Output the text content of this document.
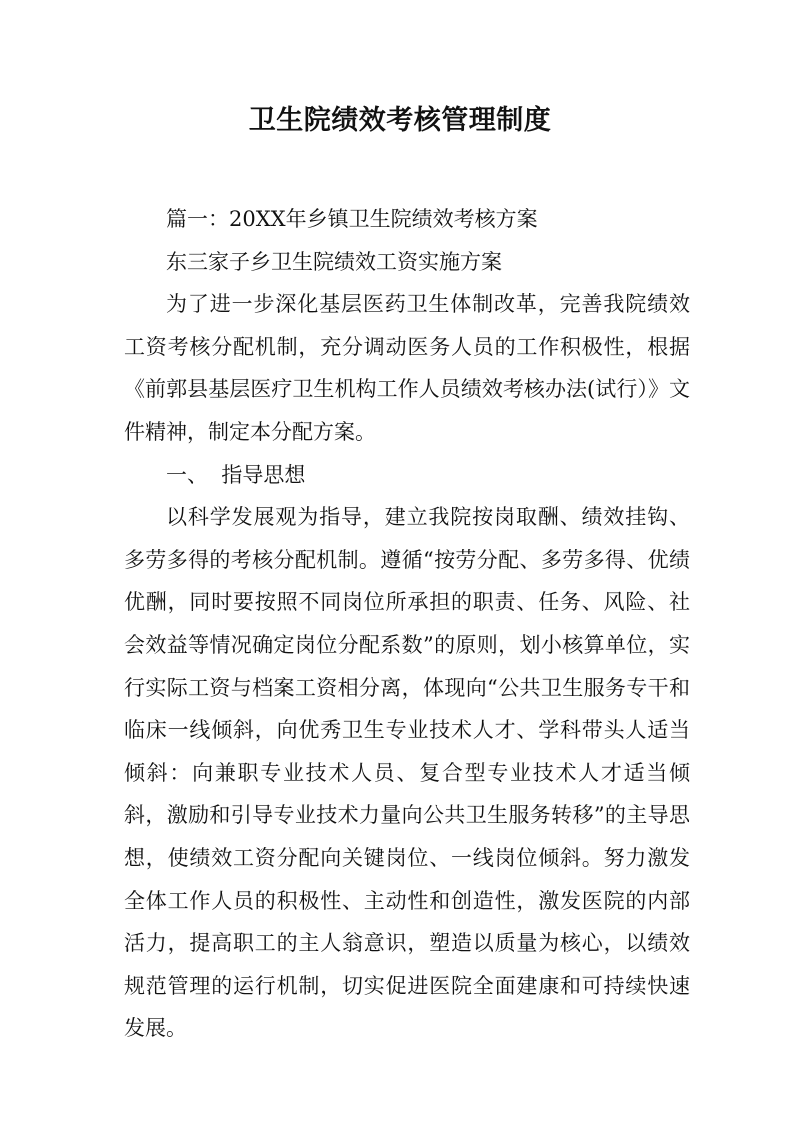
卫生院绩效考核管理制度

篇一：20XX年乡镇卫生院绩效考核方案

东三家子乡卫生院绩效工资实施方案

为了进一步深化基层医药卫生体制改革，完善我院绩效工资考核分配机制，充分调动医务人员的工作积极性，根据《前郭县基层医疗卫生机构工作人员绩效考核办法(试行）》文件精神，制定本分配方案。

一、  指导思想

以科学发展观为指导，建立我院按岗取酬、绩效挂钩、多劳多得的考核分配机制。遵循“按劳分配、多劳多得、优绩优酬，同时要按照不同岗位所承担的职责、任务、风险、社会效益等情况确定岗位分配系数”的原则，划小核算单位，实行实际工资与档案工资相分离，体现向“公共卫生服务专干和临床一线倾斜，向优秀卫生专业技术人才、学科带头人适当倾斜：向兼职专业技术人员、复合型专业技术人才适当倾斜，激励和引导专业技术力量向公共卫生服务转移”的主导思想，使绩效工资分配向关键岗位、一线岗位倾斜。努力激发全体工作人员的积极性、主动性和创造性，激发医院的内部活力，提高职工的主人翁意识，塑造以质量为核心，以绩效规范管理的运行机制，切实促进医院全面建康和可持续快速发展。
